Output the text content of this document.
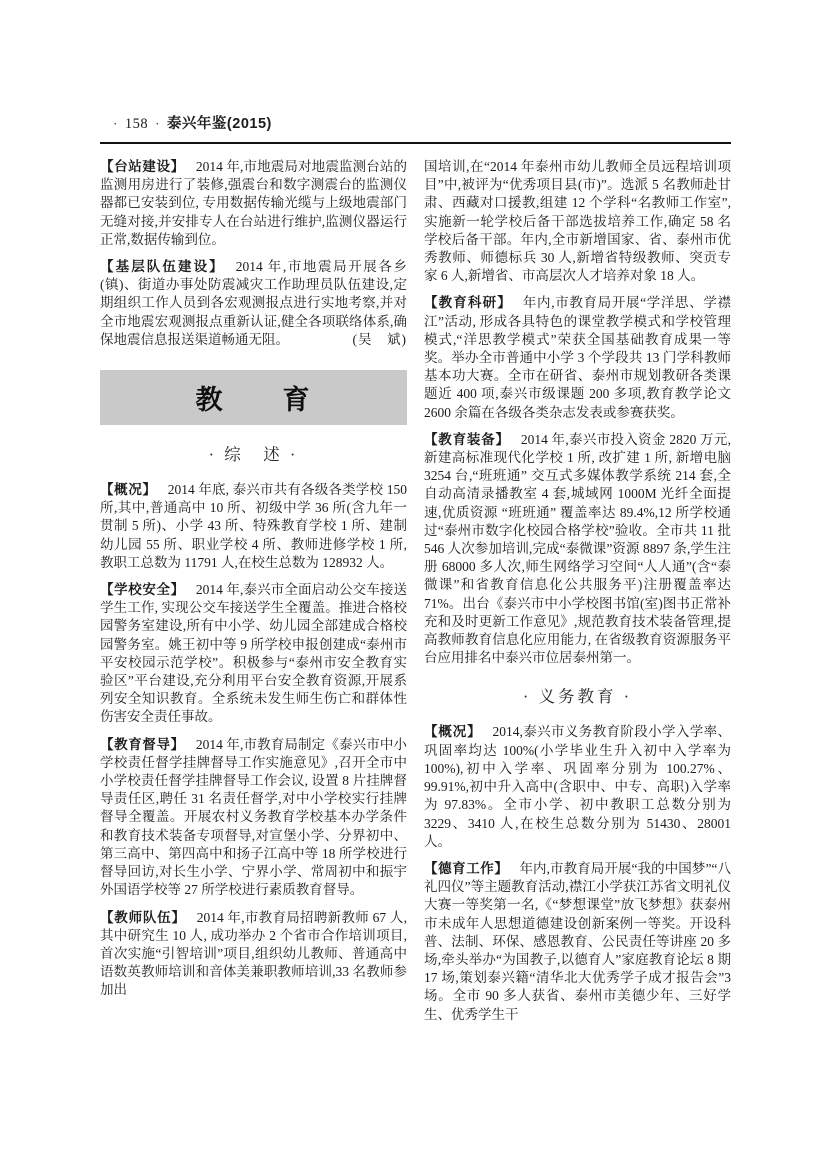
· 158 · 泰兴年鉴(2015)

【台站建设】 2014 年,市地震局对地震监测台站的监测用房进行了装修,强震台和数字测震台的监测仪器都已安装到位, 专用数据传输光缆与上级地震部门无缝对接,并安排专人在台站进行维护,监测仪器运行正常,数据传输到位。

【基层队伍建设】 2014 年,市地震局开展各乡(镇)、街道办事处防震减灾工作助理员队伍建设,定期组织工作人员到各宏观测报点进行实地考察,并对全市地震宏观测报点重新认证,健全各项联络体系,确保地震信息报送渠道畅通无阻。	(吴　斌)

教　　育
· 综　述 ·

【概况】 2014 年底, 泰兴市共有各级各类学校 150 所,其中,普通高中 10 所、初级中学 36 所(含九年一贯制 5 所)、小学 43 所、特殊教育学校 1 所、建制幼儿园 55 所、职业学校 4 所、教师进修学校 1 所,教职工总数为 11791 人,在校生总数为 128932 人。

【学校安全】 2014 年,泰兴市全面启动公交车接送学生工作, 实现公交车接送学生全覆盖。推进合格校园警务室建设,所有中小学、幼儿园全部建成合格校园警务室。姚王初中等 9 所学校申报创建成“泰州市平安校园示范学校”。积极参与“泰州市安全教育实验区”平台建设,充分利用平台安全教育资源,开展系列安全知识教育。全系统未发生师生伤亡和群体性伤害安全责任事故。

【教育督导】 2014 年,市教育局制定《泰兴市中小学校责任督学挂牌督导工作实施意见》,召开全市中小学校责任督学挂牌督导工作会议, 设置 8 片挂牌督导责任区,聘任 31 名责任督学,对中小学校实行挂牌督导全覆盖。开展农村义务教育学校基本办学条件和教育技术装备专项督导,对宣堡小学、分界初中、第三高中、第四高中和扬子江高中等 18 所学校进行督导回访,对长生小学、宁界小学、常周初中和振宇外国语学校等 27 所学校进行素质教育督导。

【教师队伍】 2014 年,市教育局招聘新教师 67 人,其中研究生 10 人, 成功举办 2 个省市合作培训项目,首次实施“引智培训”项目,组织幼儿教师、普通高中语数英教师培训和音体美兼职教师培训,33 名教师参加出

国培训,在“2014 年泰州市幼儿教师全员远程培训项目”中,被评为“优秀项目县(市)”。选派 5 名教师赴甘肃、西藏对口援教,组建 12 个学科“名教师工作室”,实施新一轮学校后备干部选拔培养工作,确定 58 名学校后备干部。年内,全市新增国家、省、泰州市优秀教师、师德标兵 30 人,新增省特级教师、突贡专家 6 人,新增省、市高层次人才培养对象 18 人。

【教育科研】 年内,市教育局开展“学洋思、学襟江”活动, 形成各具特色的课堂教学模式和学校管理模式,“洋思教学模式”荣获全国基础教育成果一等奖。举办全市普通中小学 3 个学段共 13 门学科教师基本功大赛。全市在研省、泰州市规划教研各类课题近 400 项,泰兴市级课题 200 多项,教育教学论文 2600 余篇在各级各类杂志发表或参赛获奖。

【教育装备】 2014 年,泰兴市投入资金 2820 万元,新建高标准现代化学校 1 所, 改扩建 1 所, 新增电脑 3254 台,“班班通” 交互式多媒体教学系统 214 套,全自动高清录播教室 4 套,城域网 1000M 光纤全面提速,优质资源 “班班通” 覆盖率达 89.4%,12 所学校通过“泰州市数字化校园合格学校”验收。全市共 11 批 546 人次参加培训,完成“泰微课”资源 8897 条,学生注册 68000 多人次,师生网络学习空间“人人通”(含“泰微课”和省教育信息化公共服务平)注册覆盖率达 71%。出台《泰兴市中小学校图书馆(室)图书正常补充和及时更新工作意见》,规范教育技术装备管理,提高教师教育信息化应用能力, 在省级教育资源服务平台应用排名中泰兴市位居泰州第一。

· 义务教育 ·

【概况】 2014,泰兴市义务教育阶段小学入学率、巩固率均达 100%(小学毕业生升入初中入学率为100%),初中入学率、巩固率分别为 100.27%、99.91%,初中升入高中(含职中、中专、高职)入学率为 97.83%。全市小学、初中教职工总数分别为 3229、3410 人,在校生总数分别为 51430、28001 人。

【德育工作】 年内,市教育局开展“我的中国梦”“八礼四仪”等主题教育活动,襟江小学获江苏省文明礼仪大赛一等奖第一名,《“梦想课堂”放飞梦想》获泰州市未成年人思想道德建设创新案例一等奖。开设科普、法制、环保、感恩教育、公民责任等讲座 20 多场,牵头举办“为国教子,以德育人”家庭教育论坛 8 期 17 场,策划泰兴籍“清华北大优秀学子成才报告会”3 场。全市 90 多人获省、泰州市美德少年、三好学生、优秀学生干
